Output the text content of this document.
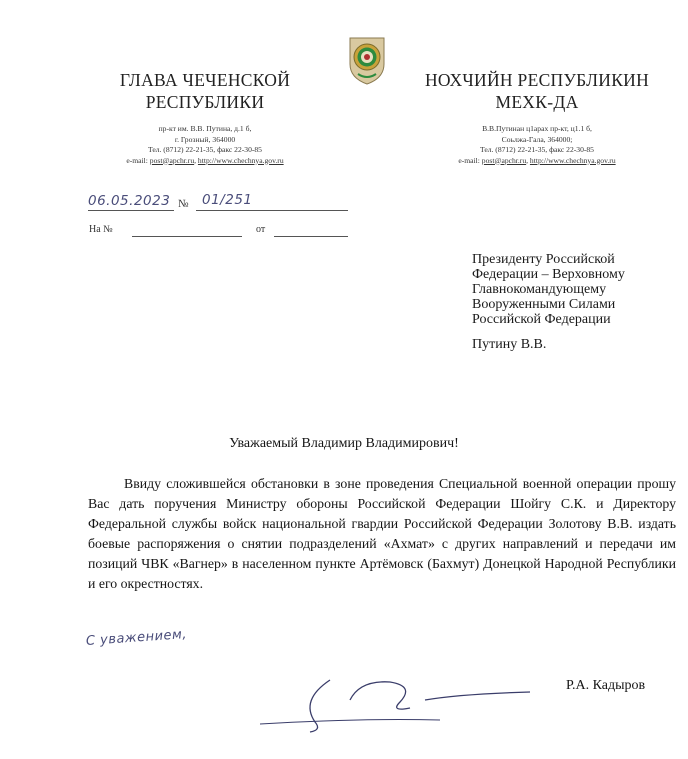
ГЛАВА ЧЕЧЕНСКОЙ
РЕСПУБЛИКИ
пр-кт им. В.В. Путина, д.1 б,
г. Грозный, 364000
Тел. (8712) 22-21-35, факс 22-30-85
e-mail: post@apchr.ru, http://www.chechnya.gov.ru
НОХЧИЙН РЕСПУБЛИКИН
МЕХК-ДА
В.В.Путинан ц1арах пр-кт, ц1.1 б,
Соьлжа-Гала, 364000;
Тел. (8712) 22-21-35, факс 22-30-85
e-mail: post@apchr.ru, http://www.chechnya.gov.ru
06.05.2023 № 01/251
На №	от
Президенту Российской
Федерации – Верховному
Главнокомандующему
Вооруженными Силами
Российской Федерации
Путину В.В.
Уважаемый Владимир Владимирович!

Ввиду сложившейся обстановки в зоне проведения Специальной военной операции прошу Вас дать поручения Министру обороны Российской Федерации Шойгу С.К. и Директору Федеральной службы войск национальной гвардии Российской Федерации Золотову В.В. издать боевые распоряжения о снятии подразделений «Ахмат» с других направлений и передачи им позиций ЧВК «Вагнер» в населенном пункте Артёмовск (Бахмут) Донецкой Народной Республики и его окрестностях.

С уважением,
Р.А. Кадыров
